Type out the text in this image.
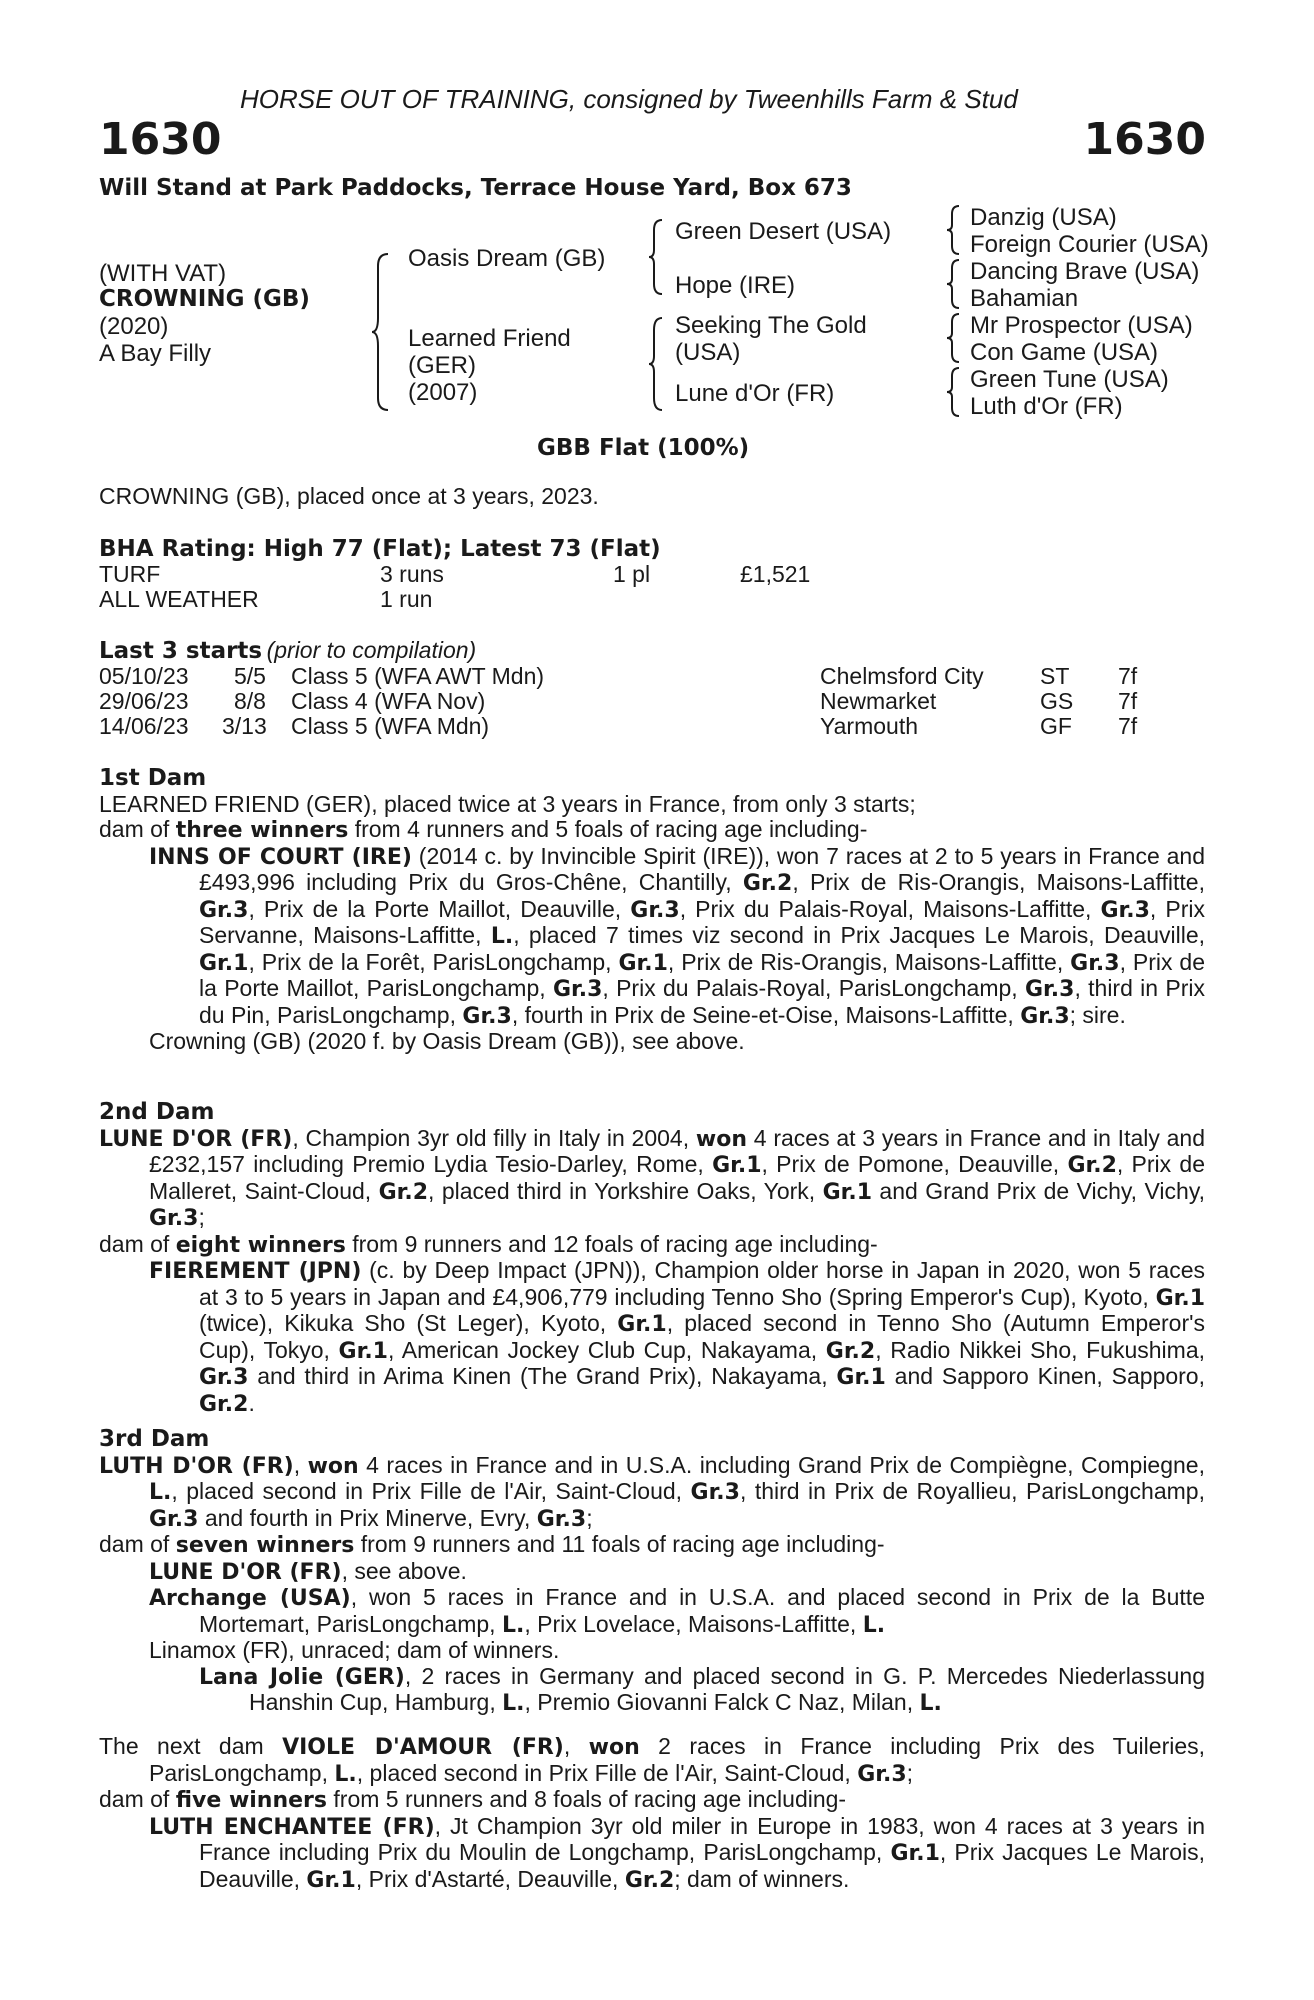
HORSE OUT OF TRAINING, consigned by Tweenhills Farm & Stud
1630	1630
Will Stand at Park Paddocks, Terrace House Yard, Box 673
(WITH VAT)
CROWNING (GB)
(2020)
A Bay Filly
Oasis Dream (GB)
Learned Friend
(GER)
(2007)
Green Desert (USA)
Hope (IRE)
Seeking The Gold
(USA)
Lune d'Or (FR)
Danzig (USA)
Foreign Courier (USA)
Dancing Brave (USA)
Bahamian
Mr Prospector (USA)
Con Game (USA)
Green Tune (USA)
Luth d'Or (FR)
GBB Flat (100%)
CROWNING (GB), placed once at 3 years, 2023.
BHA Rating: High 77 (Flat); Latest 73 (Flat)
TURF	3 runs	1 pl	£1,521
ALL WEATHER	1 run
Last 3 starts (prior to compilation)
05/10/23 5/5 Class 5 (WFA AWT Mdn)	Chelmsford City ST 7f
29/06/23 8/8 Class 4 (WFA Nov)	Newmarket	GS 7f
14/06/23 3/13 Class 5 (WFA Mdn)	Yarmouth	GF 7f
1st Dam
LEARNED FRIEND (GER), placed twice at 3 years in France, from only 3 starts;
dam of three winners from 4 runners and 5 foals of racing age including-
INNS OF COURT (IRE) (2014 c. by Invincible Spirit (IRE)), won 7 races at 2 to 5 years in France and £493,996 including Prix du Gros-Chêne, Chantilly, Gr.2, Prix de Ris-Orangis, Maisons-Laffitte, Gr.3, Prix de la Porte Maillot, Deauville, Gr.3, Prix du Palais-Royal, Maisons-Laffitte, Gr.3, Prix Servanne, Maisons-Laffitte, L., placed 7 times viz second in Prix Jacques Le Marois, Deauville, Gr.1, Prix de la Forêt, ParisLongchamp, Gr.1, Prix de Ris-Orangis, Maisons-Laffitte, Gr.3, Prix de la Porte Maillot, ParisLongchamp, Gr.3, Prix du Palais-Royal, ParisLongchamp, Gr.3, third in Prix du Pin, ParisLongchamp, Gr.3, fourth in Prix de Seine-et-Oise, Maisons-Laffitte, Gr.3; sire.
Crowning (GB) (2020 f. by Oasis Dream (GB)), see above.
2nd Dam
LUNE D'OR (FR), Champion 3yr old filly in Italy in 2004, won 4 races at 3 years in France and in Italy and £232,157 including Premio Lydia Tesio-Darley, Rome, Gr.1, Prix de Pomone, Deauville, Gr.2, Prix de Malleret, Saint-Cloud, Gr.2, placed third in Yorkshire Oaks, York, Gr.1 and Grand Prix de Vichy, Vichy, Gr.3;
dam of eight winners from 9 runners and 12 foals of racing age including-
FIEREMENT (JPN) (c. by Deep Impact (JPN)), Champion older horse in Japan in 2020, won 5 races at 3 to 5 years in Japan and £4,906,779 including Tenno Sho (Spring Emperor's Cup), Kyoto, Gr.1 (twice), Kikuka Sho (St Leger), Kyoto, Gr.1, placed second in Tenno Sho (Autumn Emperor's Cup), Tokyo, Gr.1, American Jockey Club Cup, Nakayama, Gr.2, Radio Nikkei Sho, Fukushima, Gr.3 and third in Arima Kinen (The Grand Prix), Nakayama, Gr.1 and Sapporo Kinen, Sapporo, Gr.2.
3rd Dam
LUTH D'OR (FR), won 4 races in France and in U.S.A. including Grand Prix de Compiègne, Compiegne, L., placed second in Prix Fille de l'Air, Saint-Cloud, Gr.3, third in Prix de Royallieu, ParisLongchamp, Gr.3 and fourth in Prix Minerve, Evry, Gr.3;
dam of seven winners from 9 runners and 11 foals of racing age including-
LUNE D'OR (FR), see above.
Archange (USA), won 5 races in France and in U.S.A. and placed second in Prix de la Butte Mortemart, ParisLongchamp, L., Prix Lovelace, Maisons-Laffitte, L.
Linamox (FR), unraced; dam of winners.
Lana Jolie (GER), 2 races in Germany and placed second in G. P. Mercedes Niederlassung Hanshin Cup, Hamburg, L., Premio Giovanni Falck C Naz, Milan, L.
The next dam VIOLE D'AMOUR (FR), won 2 races in France including Prix des Tuileries, ParisLongchamp, L., placed second in Prix Fille de l'Air, Saint-Cloud, Gr.3;
dam of five winners from 5 runners and 8 foals of racing age including-
LUTH ENCHANTEE (FR), Jt Champion 3yr old miler in Europe in 1983, won 4 races at 3 years in France including Prix du Moulin de Longchamp, ParisLongchamp, Gr.1, Prix Jacques Le Marois, Deauville, Gr.1, Prix d'Astarté, Deauville, Gr.2; dam of winners.
